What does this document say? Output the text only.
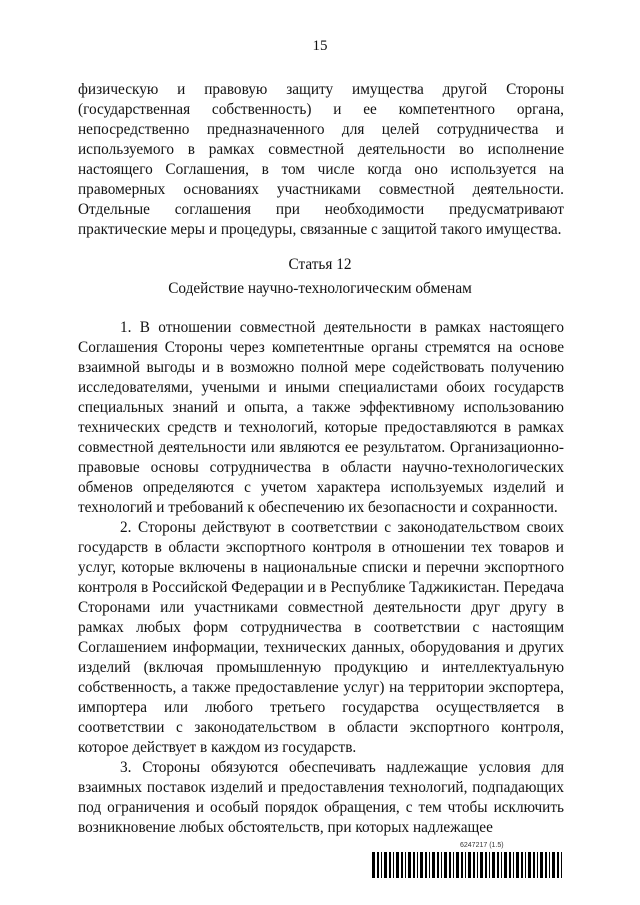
15

физическую и правовую защиту имущества другой Стороны (государственная собственность) и ее компетентного органа, непосредственно предназначенного для целей сотрудничества и используемого в рамках совместной деятельности во исполнение настоящего Соглашения, в том числе когда оно используется на правомерных основаниях участниками совместной деятельности. Отдельные соглашения при необходимости предусматривают практические меры и процедуры, связанные с защитой такого имущества.

Статья 12
Содействие научно-технологическим обменам

1. В отношении совместной деятельности в рамках настоящего Соглашения Стороны через компетентные органы стремятся на основе взаимной выгоды и в возможно полной мере содействовать получению исследователями, учеными и иными специалистами обоих государств специальных знаний и опыта, а также эффективному использованию технических средств и технологий, которые предоставляются в рамках совместной деятельности или являются ее результатом. Организационно-правовые основы сотрудничества в области научно-технологических обменов определяются с учетом характера используемых изделий и технологий и требований к обеспечению их безопасности и сохранности.

2. Стороны действуют в соответствии с законодательством своих государств в области экспортного контроля в отношении тех товаров и услуг, которые включены в национальные списки и перечни экспортного контроля в Российской Федерации и в Республике Таджикистан. Передача Сторонами или участниками совместной деятельности друг другу в рамках любых форм сотрудничества в соответствии с настоящим Соглашением информации, технических данных, оборудования и других изделий (включая промышленную продукцию и интеллектуальную собственность, а также предоставление услуг) на территории экспортера, импортера или любого третьего государства осуществляется в соответствии с законодательством в области экспортного контроля, которое действует в каждом из государств.

3. Стороны обязуются обеспечивать надлежащие условия для взаимных поставок изделий и предоставления технологий, подпадающих под ограничения и особый порядок обращения, с тем чтобы исключить возникновение любых обстоятельств, при которых надлежащее

6247217 (1.5)
